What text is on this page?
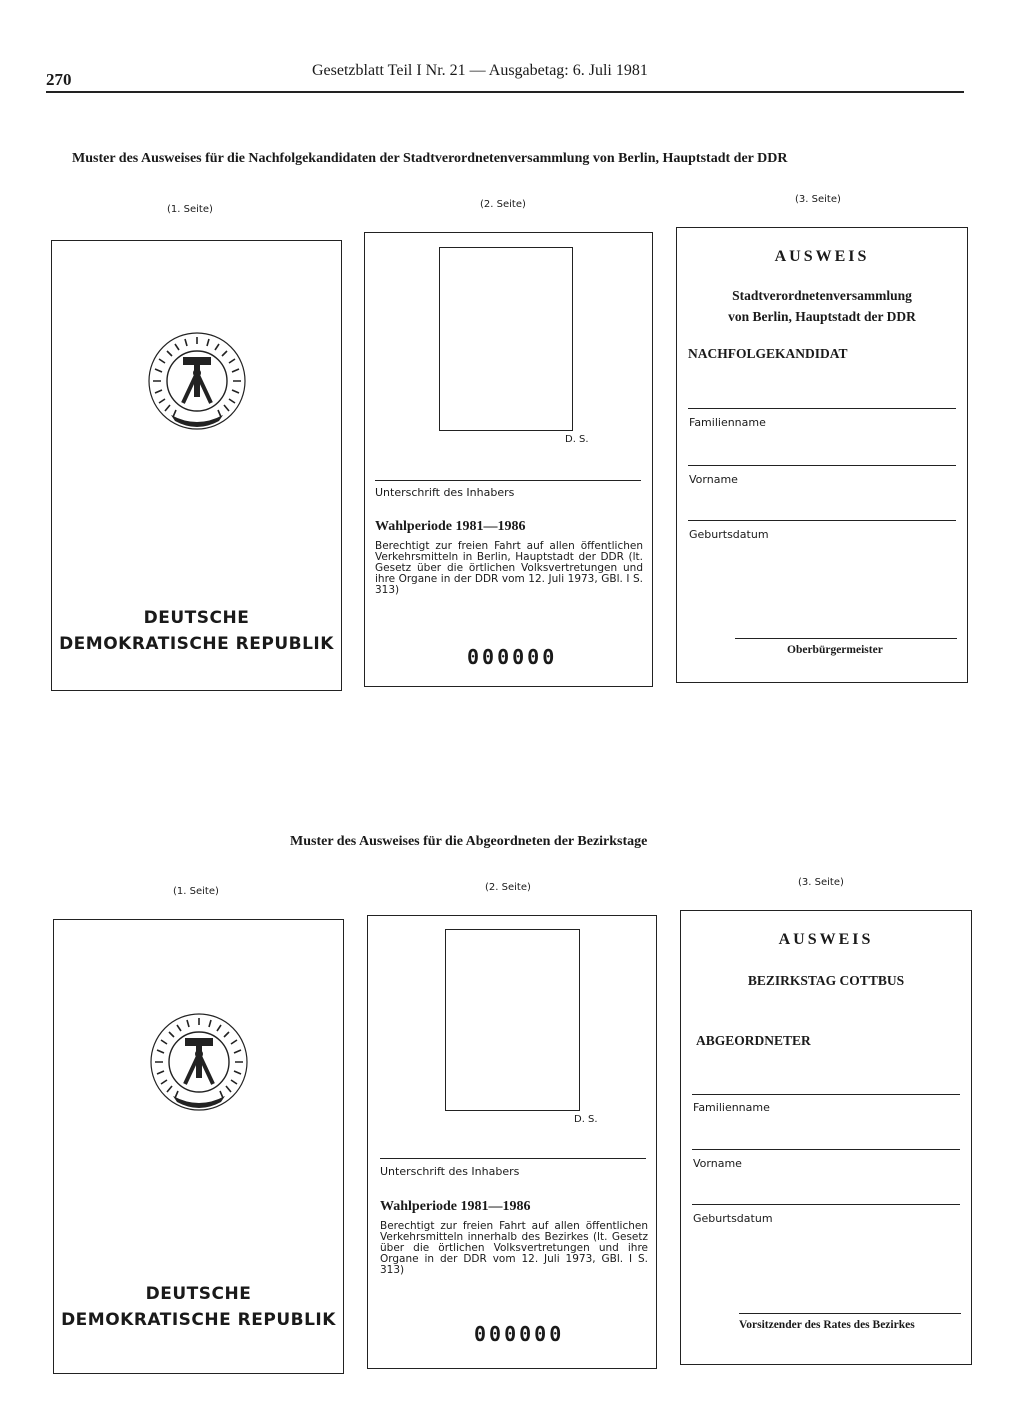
270	Gesetzblatt Teil I Nr. 21 — Ausgabetag: 6. Juli 1981
Muster des Ausweises für die Nachfolgekandidaten der Stadtverordnetenversammlung von Berlin, Hauptstadt der DDR
(1. Seite)	(2. Seite)	(3. Seite)
DEUTSCHE
DEMOKRATISCHE REPUBLIK
D. S.
Unterschrift des Inhabers
Wahlperiode 1981—1986
Berechtigt zur freien Fahrt auf allen öffentlichen Verkehrsmitteln in Berlin, Hauptstadt der DDR (lt. Gesetz über die örtlichen Volksvertretungen und ihre Organe in der DDR vom 12. Juli 1973, GBl. I S. 313)
000000
AUSWEIS
Stadtverordnetenversammlung
von Berlin, Hauptstadt der DDR
NACHFOLGEKANDIDAT
Familienname
Vorname
Geburtsdatum
Oberbürgermeister
Muster des Ausweises für die Abgeordneten der Bezirkstage
(1. Seite)	(2. Seite)	(3. Seite)
DEUTSCHE
DEMOKRATISCHE REPUBLIK
D. S.
Unterschrift des Inhabers
Wahlperiode 1981—1986
Berechtigt zur freien Fahrt auf allen öffentlichen Verkehrsmitteln innerhalb des Bezirkes (lt. Gesetz über die örtlichen Volksvertretungen und ihre Organe in der DDR vom 12. Juli 1973, GBl. I S. 313)
000000
AUSWEIS
BEZIRKSTAG COTTBUS
ABGEORDNETER
Familienname
Vorname
Geburtsdatum
Vorsitzender des Rates des Bezirkes
